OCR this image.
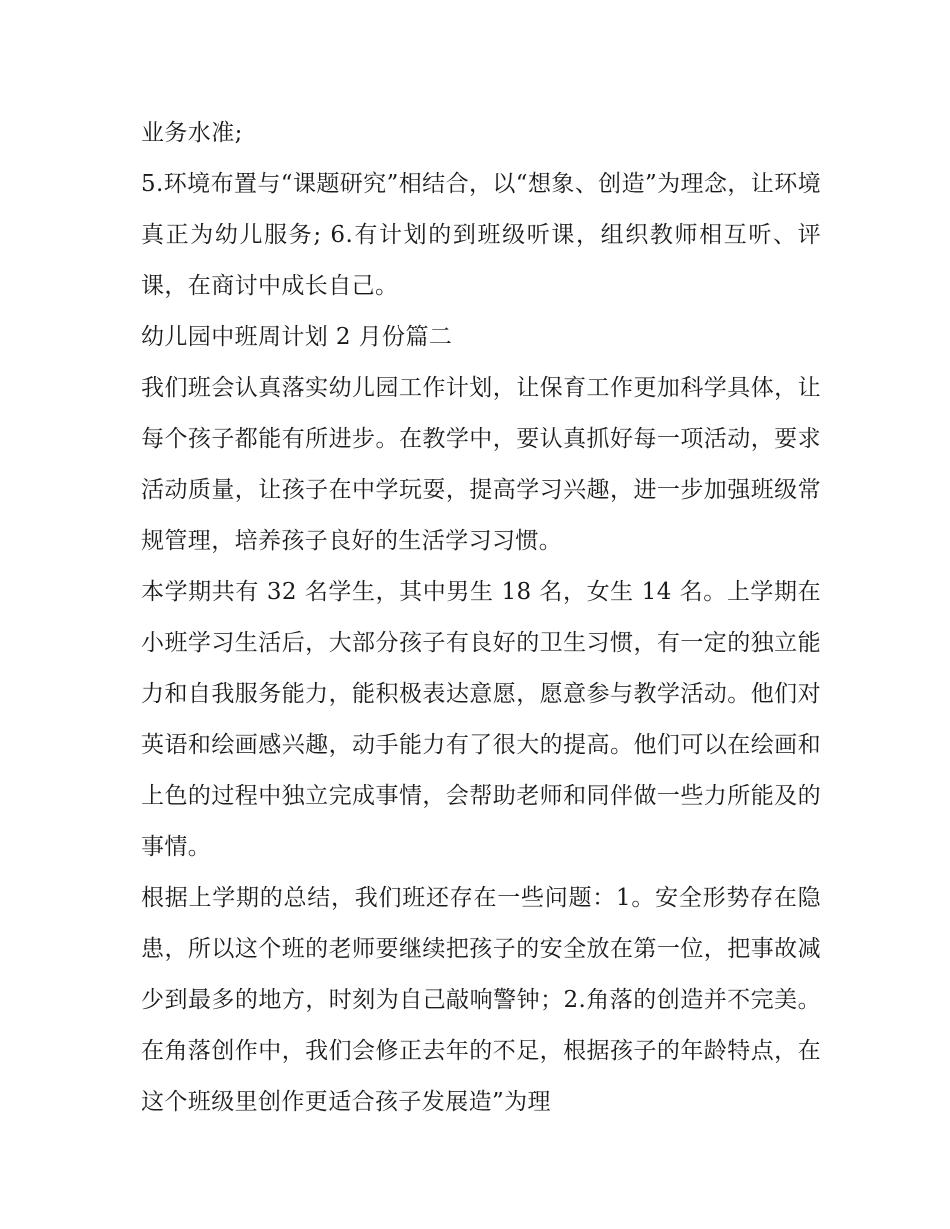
业务水准;

5.环境布置与“课题研究”相结合，以“想象、创造”为理念，让环境真正为幼儿服务; 6.有计划的到班级听课，组织教师相互听、评课，在商讨中成长自己。

幼儿园中班周计划 2 月份篇二

我们班会认真落实幼儿园工作计划，让保育工作更加科学具体，让每个孩子都能有所进步。在教学中，要认真抓好每一项活动，要求活动质量，让孩子在中学玩耍，提高学习兴趣，进一步加强班级常规管理，培养孩子良好的生活学习习惯。

本学期共有 32 名学生，其中男生 18 名，女生 14 名。上学期在小班学习生活后，大部分孩子有良好的卫生习惯，有一定的独立能力和自我服务能力，能积极表达意愿，愿意参与教学活动。他们对英语和绘画感兴趣，动手能力有了很大的提高。他们可以在绘画和上色的过程中独立完成事情，会帮助老师和同伴做一些力所能及的事情。

根据上学期的总结，我们班还存在一些问题：1。安全形势存在隐患，所以这个班的老师要继续把孩子的安全放在第一位，把事故减少到最多的地方，时刻为自己敲响警钟；2.角落的创造并不完美。在角落创作中，我们会修正去年的不足，根据孩子的年龄特点，在这个班级里创作更适合孩子发展造”为理
